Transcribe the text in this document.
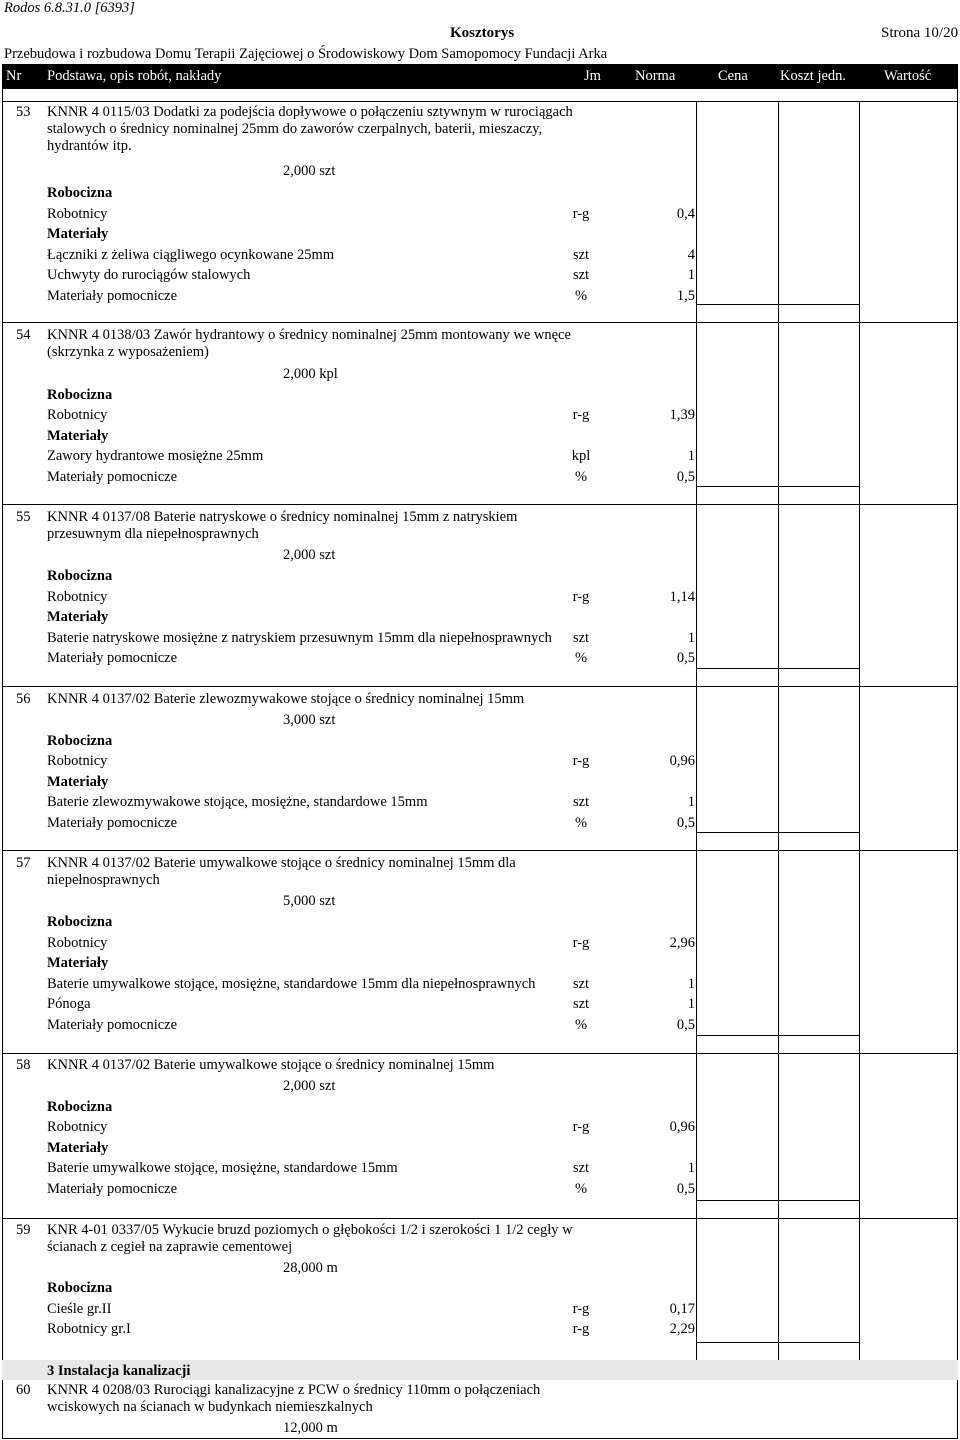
Rodos 6.8.31.0 [6393]
Kosztorys	Strona 10/20
Przebudowa i rozbudowa Domu Terapii Zajęciowej o Środowiskowy Dom Samopomocy Fundacji Arka
Nr Podstawa, opis robót, nakłady	Jm Norma	Cena Koszt jedn.	Wartość
53 KNNR 4 0115/03 Dodatki za podejścia dopływowe o połączeniu sztywnym w rurociągach stalowych o średnicy nominalnej 25mm do zaworów czerpalnych, baterii, mieszaczy, hydrantów itp.
2,000 szt
Robocizna
Robotnicy	r-g	0,4
Materiały
Łączniki z żeliwa ciągliwego ocynkowane 25mm	szt	4
Uchwyty do rurociągów stalowych	szt	1
Materiały pomocnicze	%	1,5
54 KNNR 4 0138/03 Zawór hydrantowy o średnicy nominalnej 25mm montowany we wnęce (skrzynka z wyposażeniem)
2,000 kpl
Robocizna
Robotnicy	r-g	1,39
Materiały
Zawory hydrantowe mosiężne 25mm	kpl	1
Materiały pomocnicze	%	0,5
55 KNNR 4 0137/08 Baterie natryskowe o średnicy nominalnej 15mm z natryskiem przesuwnym dla niepełnosprawnych
2,000 szt
Robocizna
Robotnicy	r-g	1,14
Materiały
Baterie natryskowe mosiężne z natryskiem przesuwnym 15mm dla niepełnosprawnych	szt	1
Materiały pomocnicze	%	0,5
56 KNNR 4 0137/02 Baterie zlewozmywakowe stojące o średnicy nominalnej 15mm
3,000 szt
Robocizna
Robotnicy	r-g	0,96
Materiały
Baterie zlewozmywakowe stojące, mosiężne, standardowe 15mm	szt	1
Materiały pomocnicze	%	0,5
57 KNNR 4 0137/02 Baterie umywalkowe stojące o średnicy nominalnej 15mm dla niepełnosprawnych
5,000 szt
Robocizna
Robotnicy	r-g	2,96
Materiały
Baterie umywalkowe stojące, mosiężne, standardowe 15mm dla niepełnosprawnych	szt	1
Pónoga	szt	1
Materiały pomocnicze	%	0,5
58 KNNR 4 0137/02 Baterie umywalkowe stojące o średnicy nominalnej 15mm
2,000 szt
Robocizna
Robotnicy	r-g	0,96
Materiały
Baterie umywalkowe stojące, mosiężne, standardowe 15mm	szt	1
Materiały pomocnicze	%	0,5
59 KNR 4-01 0337/05 Wykucie bruzd poziomych o głębokości 1/2 i szerokości 1 1/2 cegły w ścianach z cegieł na zaprawie cementowej
28,000 m
Robocizna
Cieśle gr.II	r-g	0,17
Robotnicy gr.I	r-g	2,29
60 KNNR 4 0208/03 Rurociągi kanalizacyjne z PCW o średnicy 110mm o połączeniach wciskowych na ścianach w budynkach niemieszkalnych
12,000 m
3 Instalacja kanalizacji
